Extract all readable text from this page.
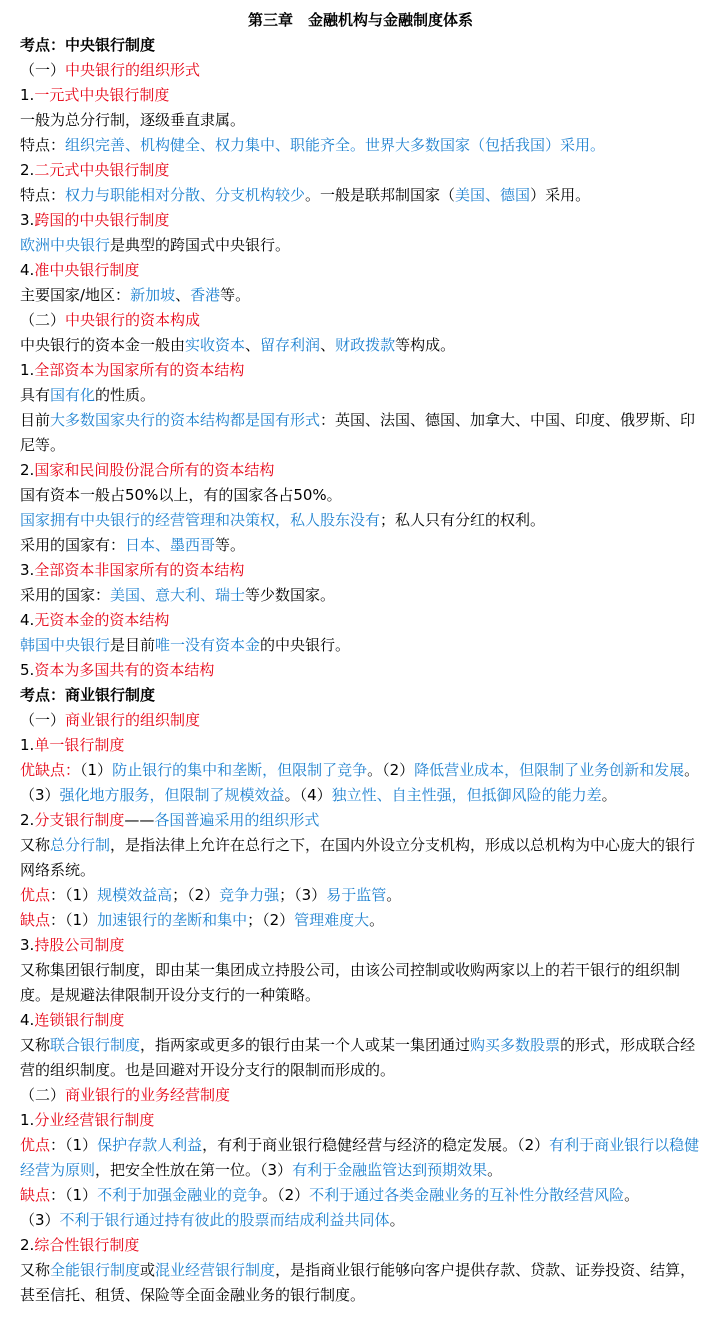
第三章　金融机构与金融制度体系
考点：中央银行制度
（一）中央银行的组织形式
1.一元式中央银行制度
一般为总分行制，逐级垂直隶属。
特点：组织完善、机构健全、权力集中、职能齐全。世界大多数国家（包括我国）采用。
2.二元式中央银行制度
特点：权力与职能相对分散、分支机构较少。一般是联邦制国家（美国、德国）采用。
3.跨国的中央银行制度
欧洲中央银行是典型的跨国式中央银行。
4.准中央银行制度
主要国家/地区：新加坡、香港等。
（二）中央银行的资本构成
中央银行的资本金一般由实收资本、留存利润、财政拨款等构成。
1.全部资本为国家所有的资本结构
具有国有化的性质。
目前大多数国家央行的资本结构都是国有形式：英国、法国、德国、加拿大、中国、印度、俄罗斯、印尼等。
2.国家和民间股份混合所有的资本结构
国有资本一般占50%以上，有的国家各占50%。
国家拥有中央银行的经营管理和决策权，私人股东没有；私人只有分红的权利。
采用的国家有：日本、墨西哥等。
3.全部资本非国家所有的资本结构
采用的国家：美国、意大利、瑞士等少数国家。
4.无资本金的资本结构
韩国中央银行是目前唯一没有资本金的中央银行。
5.资本为多国共有的资本结构
考点：商业银行制度
（一）商业银行的组织制度
1.单一银行制度
优缺点：（1）防止银行的集中和垄断，但限制了竞争。（2）降低营业成本，但限制了业务创新和发展。（3）强化地方服务，但限制了规模效益。（4）独立性、自主性强，但抵御风险的能力差。
2.分支银行制度——各国普遍采用的组织形式
又称总分行制，是指法律上允许在总行之下，在国内外设立分支机构，形成以总机构为中心庞大的银行网络系统。
优点：（1）规模效益高；（2）竞争力强；（3）易于监管。
缺点：（1）加速银行的垄断和集中；（2）管理难度大。
3.持股公司制度
又称集团银行制度，即由某一集团成立持股公司，由该公司控制或收购两家以上的若干银行的组织制度。是规避法律限制开设分支行的一种策略。
4.连锁银行制度
又称联合银行制度，指两家或更多的银行由某一个人或某一集团通过购买多数股票的形式，形成联合经营的组织制度。也是回避对开设分支行的限制而形成的。
（二）商业银行的业务经营制度
1.分业经营银行制度
优点：（1）保护存款人利益，有利于商业银行稳健经营与经济的稳定发展。（2）有利于商业银行以稳健经营为原则，把安全性放在第一位。（3）有利于金融监管达到预期效果。
缺点：（1）不利于加强金融业的竞争。（2）不利于通过各类金融业务的互补性分散经营风险。
（3）不利于银行通过持有彼此的股票而结成利益共同体。
2.综合性银行制度
又称全能银行制度或混业经营银行制度，是指商业银行能够向客户提供存款、贷款、证券投资、结算，甚至信托、租赁、保险等全面金融业务的银行制度。
